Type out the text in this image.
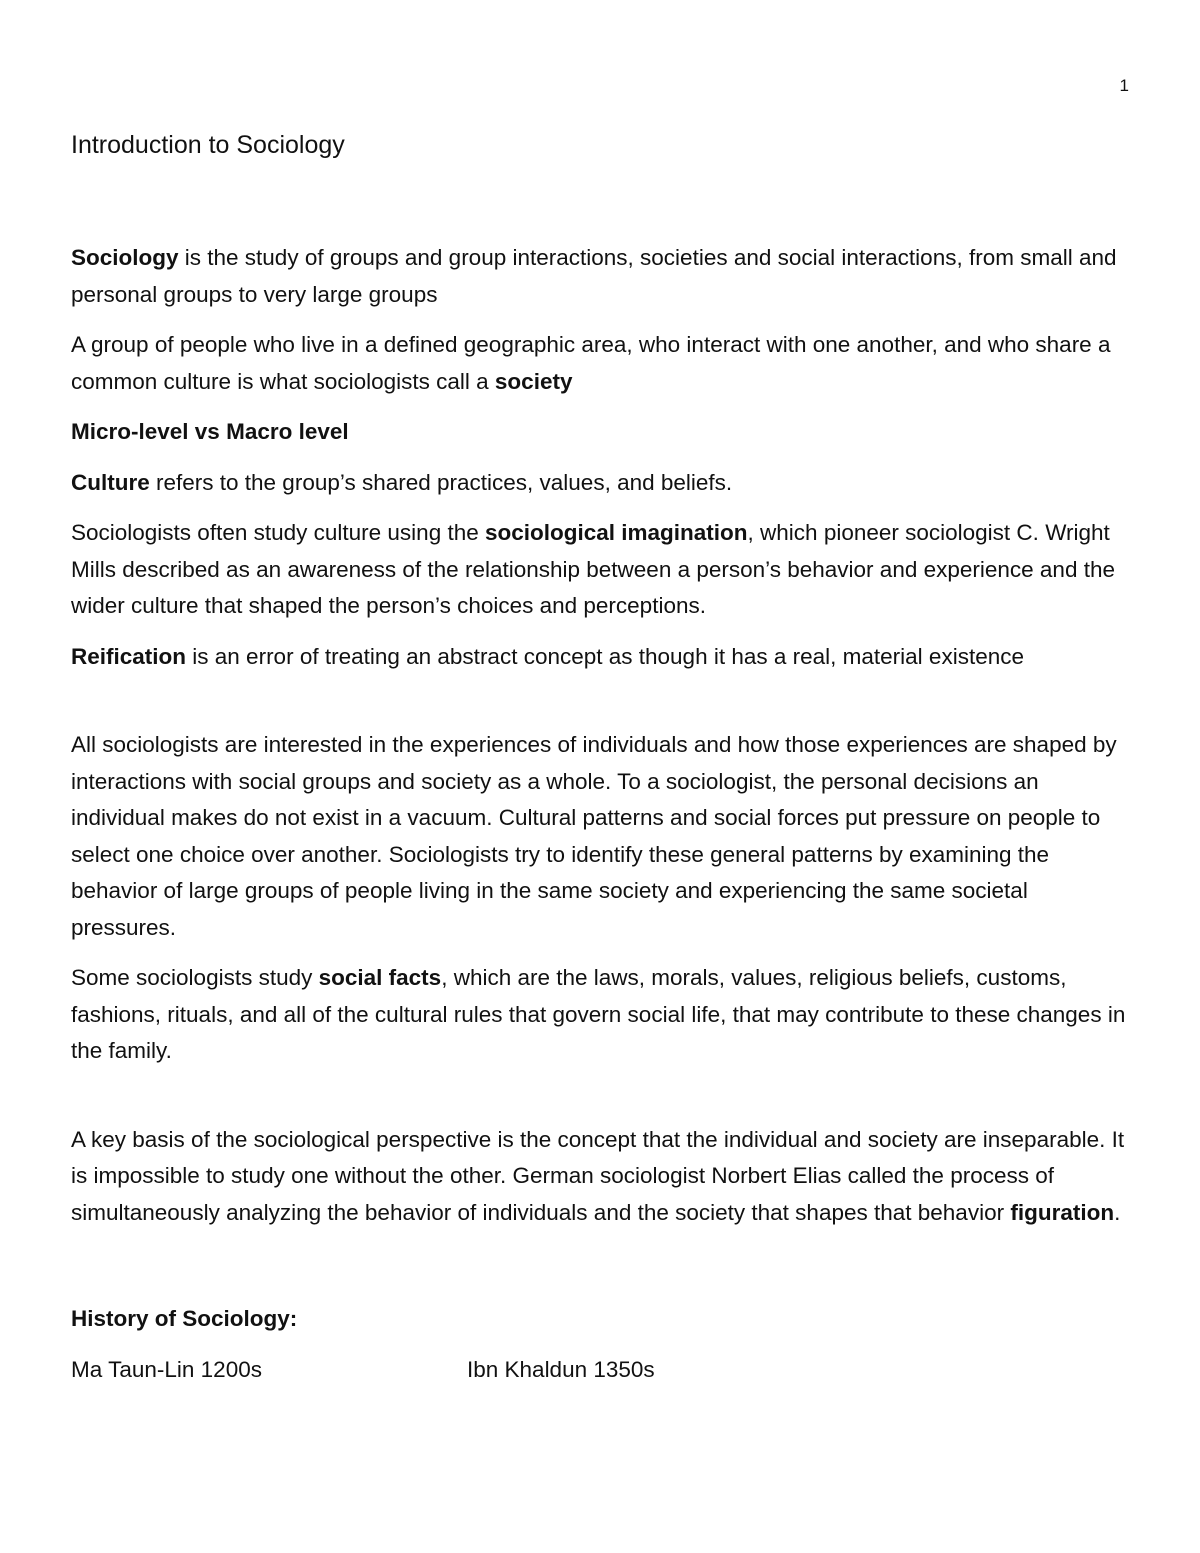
1
Introduction to Sociology

Sociology is the study of groups and group interactions, societies and social interactions, from small and personal groups to very large groups

A group of people who live in a defined geographic area, who interact with one another, and who share a common culture is what sociologists call a society

Micro-level vs Macro level

Culture refers to the group’s shared practices, values, and beliefs.

Sociologists often study culture using the sociological imagination, which pioneer sociologist C. Wright Mills described as an awareness of the relationship between a person’s behavior and experience and the wider culture that shaped the person’s choices and perceptions.

Reification is an error of treating an abstract concept as though it has a real, material existence

All sociologists are interested in the experiences of individuals and how those experiences are shaped by interactions with social groups and society as a whole. To a sociologist, the personal decisions an individual makes do not exist in a vacuum. Cultural patterns and social forces put pressure on people to select one choice over another. Sociologists try to identify these general patterns by examining the behavior of large groups of people living in the same society and experiencing the same societal pressures.

Some sociologists study social facts, which are the laws, morals, values, religious beliefs, customs, fashions, rituals, and all of the cultural rules that govern social life, that may contribute to these changes in the family.

A key basis of the sociological perspective is the concept that the individual and society are inseparable. It is impossible to study one without the other. German sociologist Norbert Elias called the process of simultaneously analyzing the behavior of individuals and the society that shapes that behavior figuration.

History of Sociology:

Ma Taun-Lin 1200s	Ibn Khaldun 1350s
